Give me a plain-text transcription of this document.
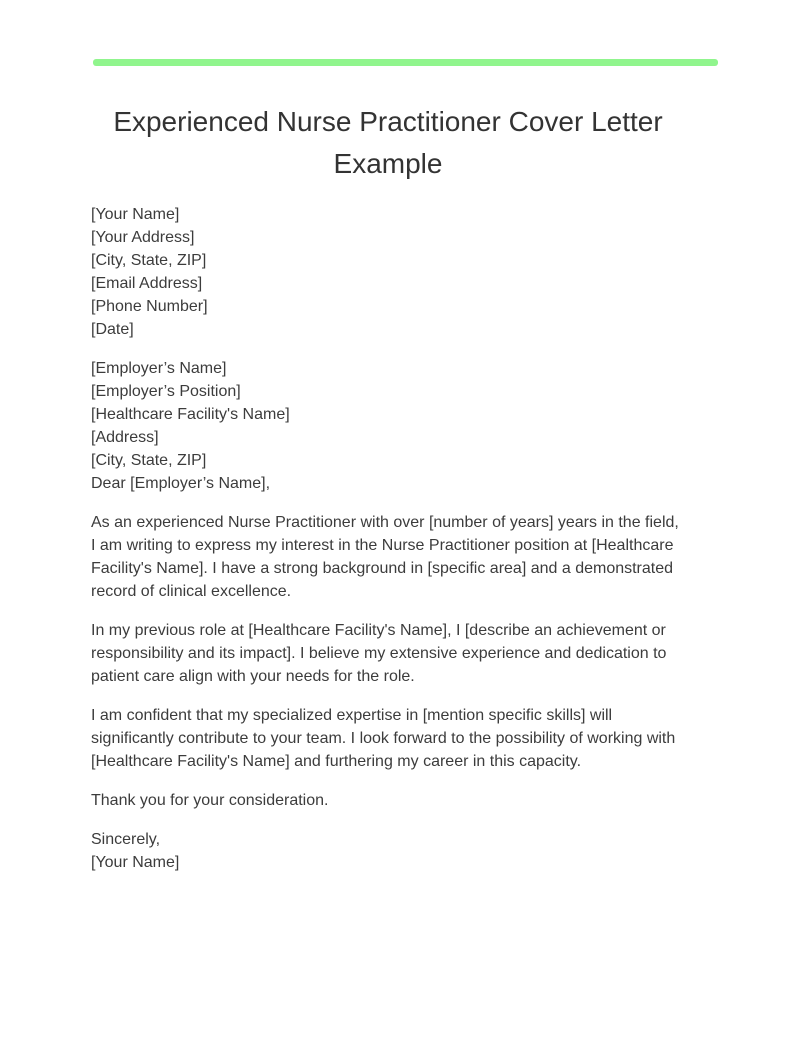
Experienced Nurse Practitioner Cover Letter Example
[Your Name]
[Your Address]
[City, State, ZIP]
[Email Address]
[Phone Number]
[Date]
[Employer’s Name]
[Employer’s Position]
[Healthcare Facility's Name]
[Address]
[City, State, ZIP]
Dear [Employer’s Name],
As an experienced Nurse Practitioner with over [number of years] years in the field,
I am writing to express my interest in the Nurse Practitioner position at [Healthcare
Facility's Name]. I have a strong background in [specific area] and a demonstrated
record of clinical excellence.
In my previous role at [Healthcare Facility's Name], I [describe an achievement or
responsibility and its impact]. I believe my extensive experience and dedication to
patient care align with your needs for the role.
I am confident that my specialized expertise in [mention specific skills] will
significantly contribute to your team. I look forward to the possibility of working with
[Healthcare Facility's Name] and furthering my career in this capacity.
Thank you for your consideration.
Sincerely,
[Your Name]
